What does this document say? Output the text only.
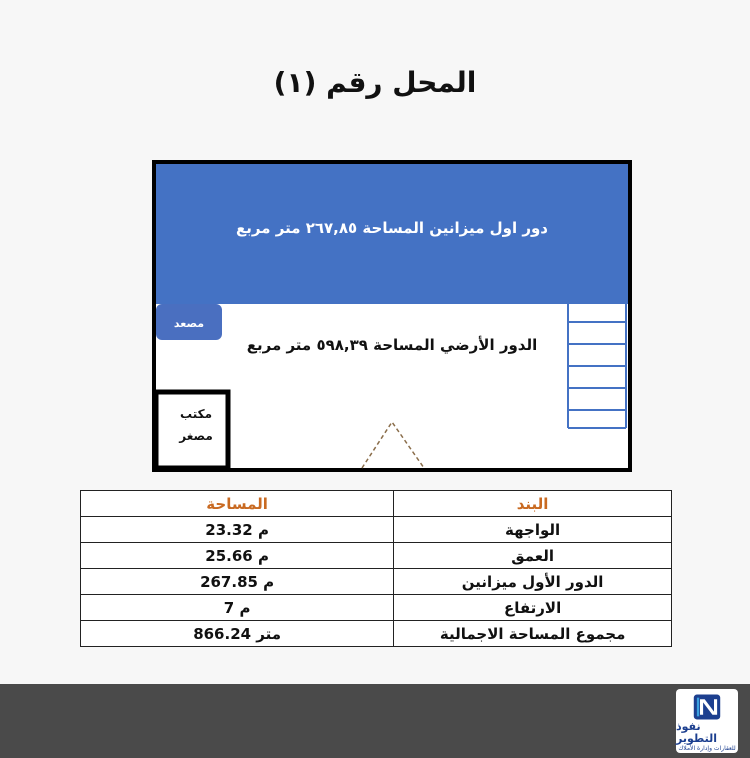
المحل رقم (١)
دور اول ميزانين المساحة ٢٦٧,٨٥ متر مربع
مصعد
الدور الأرضي المساحة ٥٩٨,٣٩ متر مربع
مكتب
مصغر
البند	المساحة
الواجهة	23.32 م
العمق	25.66 م
الدور الأول ميزانين	267.85 م
الارتفاع	7 م
مجموع المساحة الاجمالية	866.24 متر
نفوذ التطوير
للعقارات وإدارة الأملاك
